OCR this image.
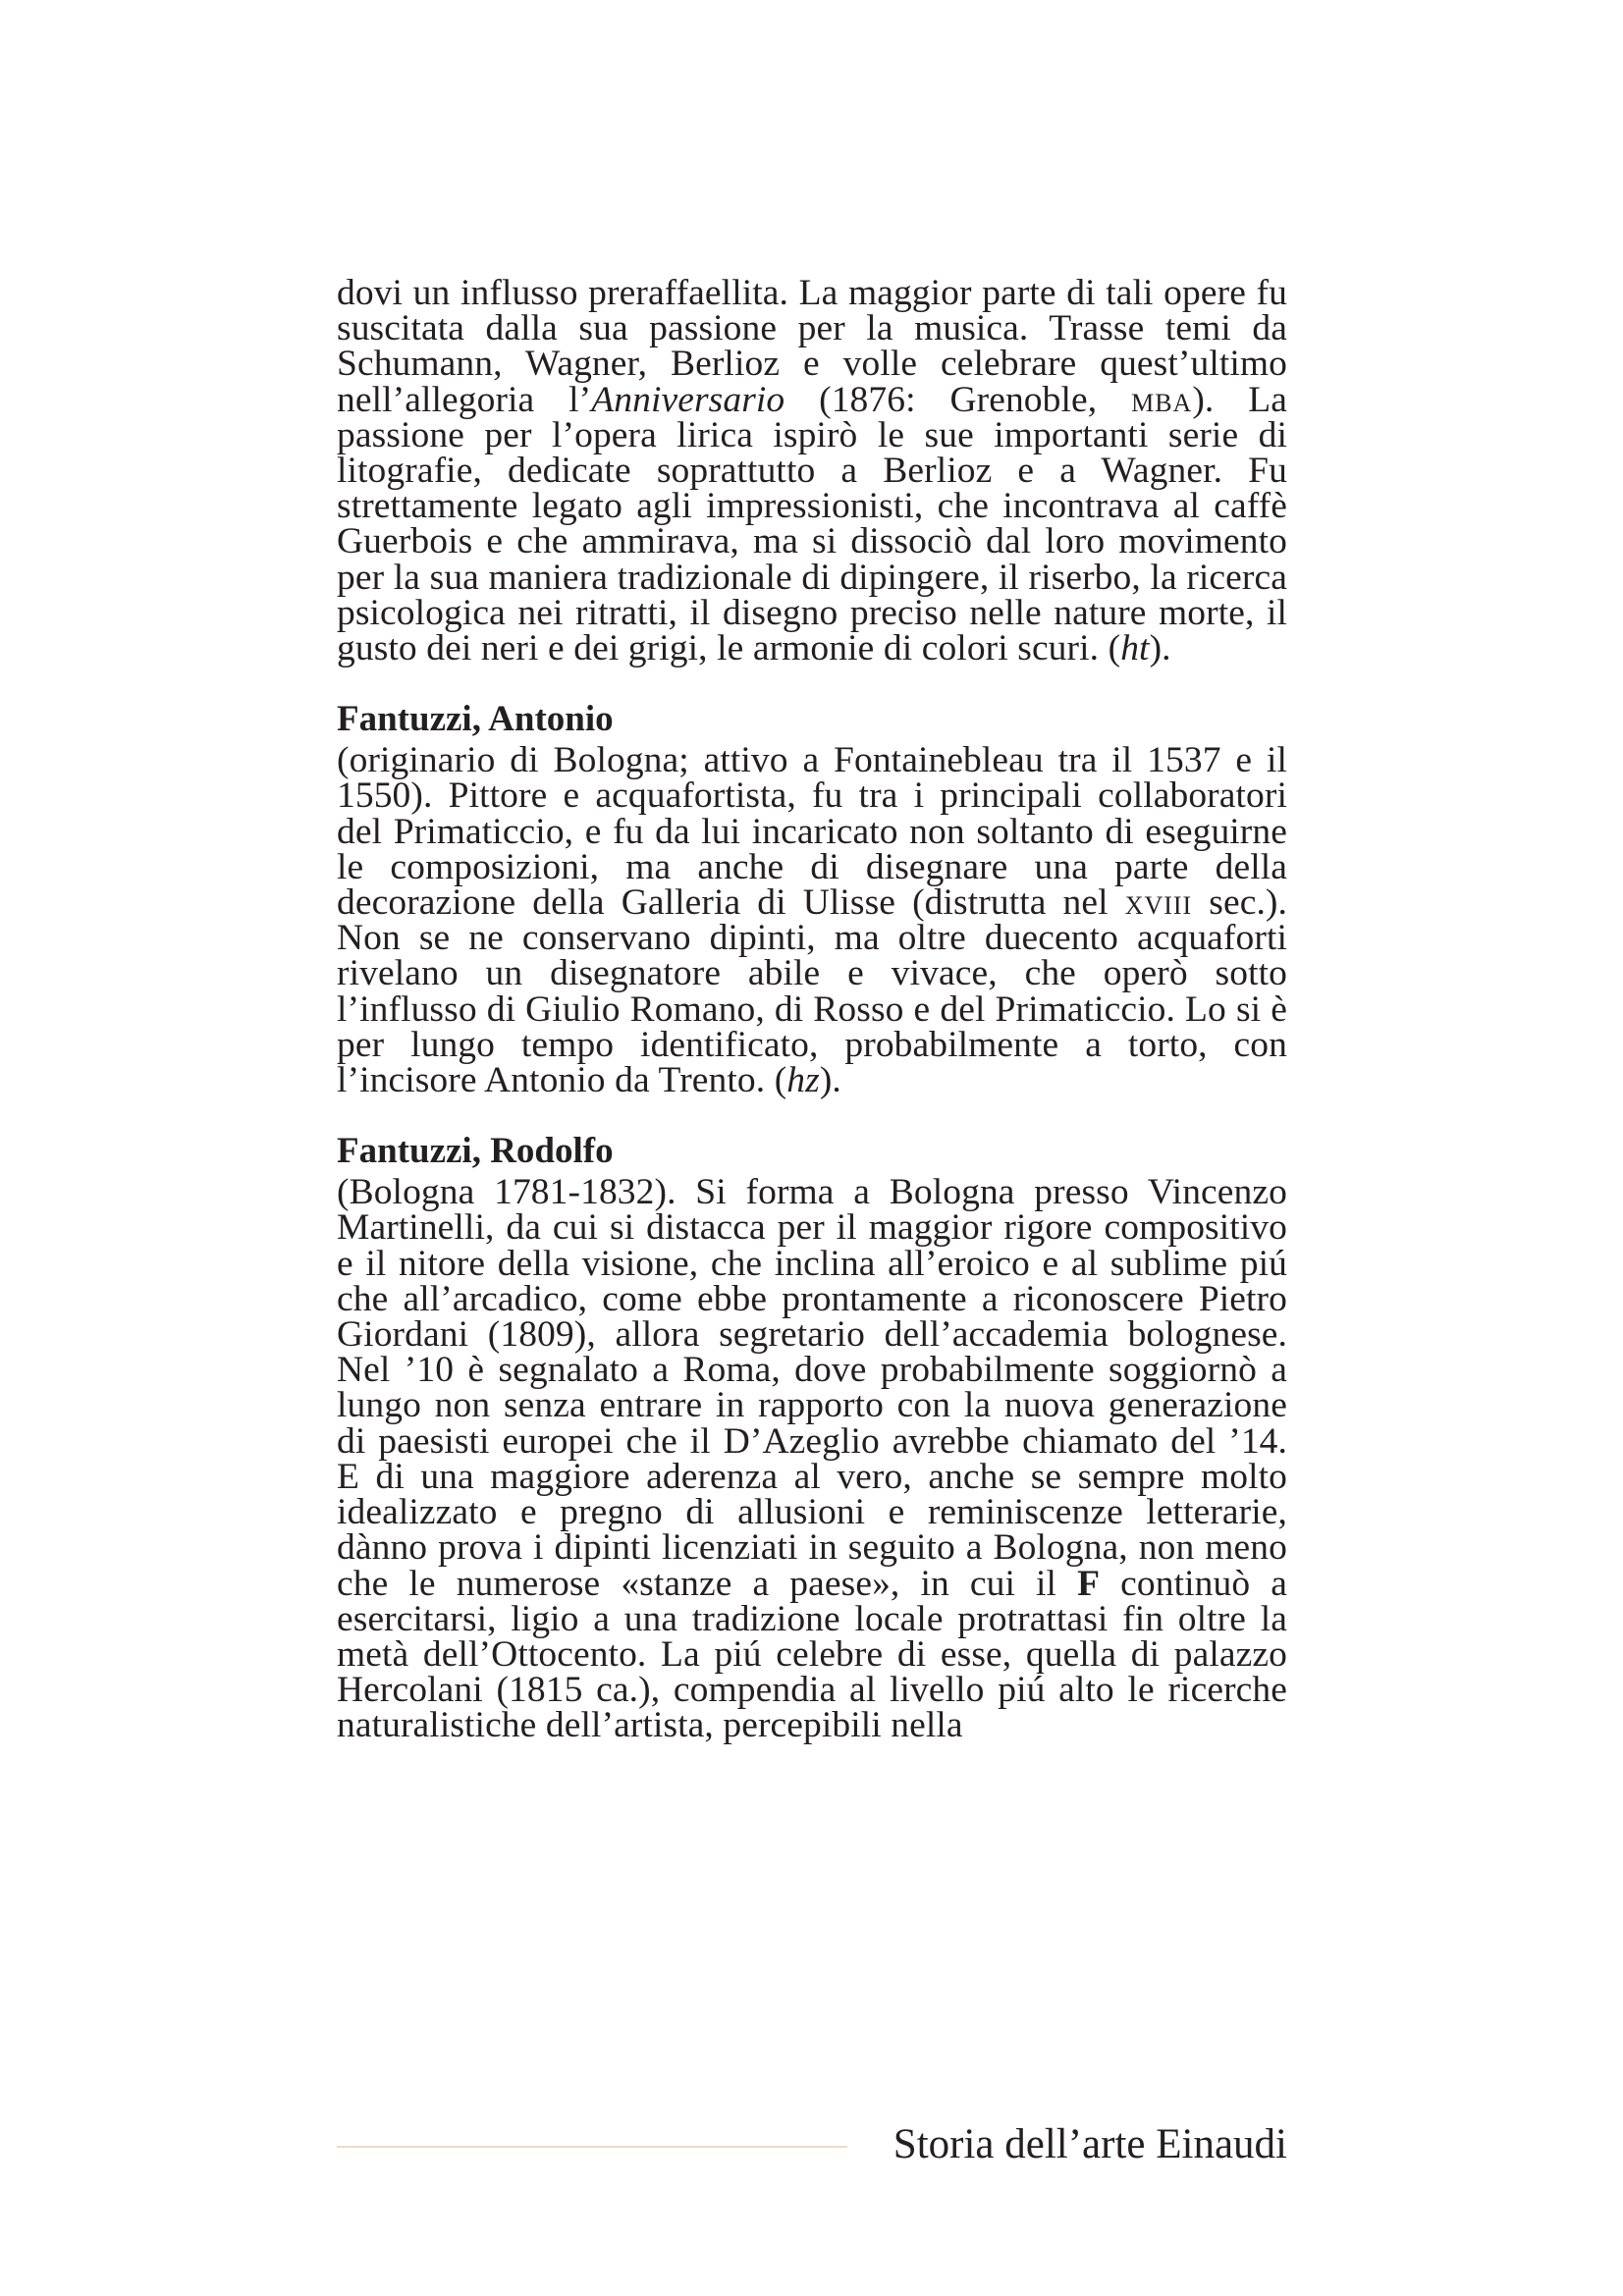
dovi un influsso preraffaellita. La maggior parte di tali opere fu suscitata dalla sua passione per la musica. Trasse temi da Schumann, Wagner, Berlioz e volle celebrare quest’ultimo nell’allegoria l’Anniversario (1876: Grenoble, mba). La passione per l’opera lirica ispirò le sue importanti serie di litografie, dedicate soprattutto a Berlioz e a Wagner. Fu strettamente legato agli impressionisti, che incontrava al caffè Guerbois e che ammirava, ma si dissociò dal loro movimento per la sua maniera tradizionale di dipingere, il riserbo, la ricerca psicologica nei ritratti, il disegno preciso nelle nature morte, il gusto dei neri e dei grigi, le armonie di colori scuri. (ht).

Fantuzzi, Antonio

(originario di Bologna; attivo a Fontainebleau tra il 1537 e il 1550). Pittore e acquafortista, fu tra i principali collaboratori del Primaticcio, e fu da lui incaricato non soltanto di eseguirne le composizioni, ma anche di disegnare una parte della decorazione della Galleria di Ulisse (distrutta nel xviii sec.). Non se ne conservano dipinti, ma oltre duecento acquaforti rivelano un disegnatore abile e vivace, che operò sotto l’influsso di Giulio Romano, di Rosso e del Primaticcio. Lo si è per lungo tempo identificato, probabilmente a torto, con l’incisore Antonio da Trento. (hz).

Fantuzzi, Rodolfo

(Bologna 1781-1832). Si forma a Bologna presso Vincenzo Martinelli, da cui si distacca per il maggior rigore compositivo e il nitore della visione, che inclina all’eroico e al sublime piú che all’arcadico, come ebbe prontamente a riconoscere Pietro Giordani (1809), allora segretario dell’accademia bolognese. Nel ’10 è segnalato a Roma, dove probabilmente soggiornò a lungo non senza entrare in rapporto con la nuova generazione di paesisti europei che il D’Azeglio avrebbe chiamato del ’14. E di una maggiore aderenza al vero, anche se sempre molto idealizzato e pregno di allusioni e reminiscenze letterarie, dànno prova i dipinti licenziati in seguito a Bologna, non meno che le numerose «stanze a paese», in cui il F continuò a esercitarsi, ligio a una tradizione locale protrattasi fin oltre la metà dell’Ottocento. La piú celebre di esse, quella di palazzo Hercolani (1815 ca.), compendia al livello piú alto le ricerche naturalistiche dell’artista, percepibili nella

Storia dell’arte Einaudi
